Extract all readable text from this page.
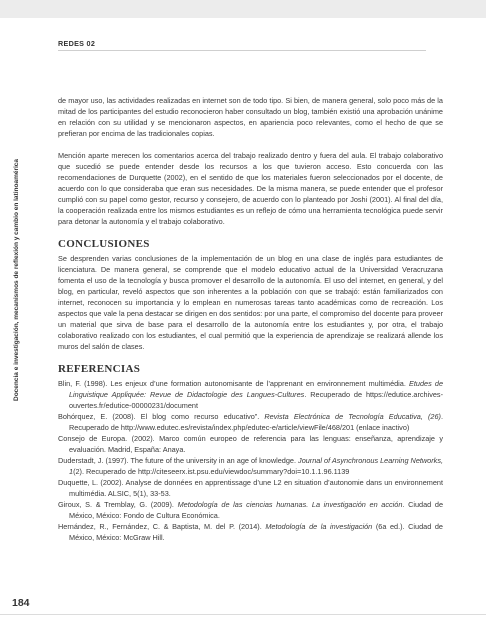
REDES 02
Docencia e investigación, mecanismos de reflexión y cambio en latinoamérica

de mayor uso, las actividades realizadas en internet son de todo tipo. Si bien, de manera general, solo poco más de la mitad de los participantes del estudio reconocieron haber consultado un blog, también existió una aprobación unánime en relación con su utilidad y se mencionaron aspectos, en apariencia poco relevantes, como el hecho de que se prefieran por encima de las tradicionales copias.

Mención aparte merecen los comentarios acerca del trabajo realizado dentro y fuera del aula. El trabajo colaborativo que sucedió se puede entender desde los recursos a los que tuvieron acceso. Esto concuerda con las recomendaciones de Durquette (2002), en el sentido de que los materiales fueron seleccionados por el docente, de acuerdo con lo que consideraba que eran sus necesidades. De la misma manera, se puede entender que el profesor cumplió con su papel como gestor, recurso y consejero, de acuerdo con lo planteado por Joshi (2001). Al final del día, la cooperación realizada entre los mismos estudiantes es un reflejo de cómo una herramienta tecnológica puede servir para detonar la autonomía y el trabajo colaborativo.

CONCLUSIONES

Se desprenden varias conclusiones de la implementación de un blog en una clase de inglés para estudiantes de licenciatura. De manera general, se comprende que el modelo educativo actual de la Universidad Veracruzana fomenta el uso de la tecnología y busca promover el desarrollo de la autonomía. El uso del internet, en general, y del blog, en particular, reveló aspectos que son inherentes a la población con que se trabajó: están familiarizados con internet, reconocen su importancia y lo emplean en numerosas tareas tanto académicas como de recreación. Los aspectos que vale la pena destacar se dirigen en dos sentidos: por una parte, el compromiso del docente para proveer un material que sirva de base para el desarrollo de la autonomía entre los estudiantes y, por otra, el trabajo colaborativo realizado con los estudiantes, el cual permitió que la experiencia de aprendizaje se realizará allende los muros del salón de clases.

REFERENCIAS
Blin, F. (1998). Les enjeux d’une formation autonomisante de l’apprenant en environnement multimédia. Etudes de Linguistique Appliquée: Revue de Didactologie des Langues-Cultures. Recuperado de https://edutice.archives-ouvertes.fr/edutice-00000231/document
Bohórquez, E. (2008). El blog como recurso educativo”. Revista Electrónica de Tecnología Educativa, (26). Recuperado de http://www.edutec.es/revista/index.php/edutec-e/article/viewFile/468/201 (enlace inactivo)
Consejo de Europa. (2002). Marco común europeo de referencia para las lenguas: enseñanza, aprendizaje y evaluación. Madrid, España: Anaya.
Duderstadt, J. (1997). The future of the university in an age of knowledge. Journal of Asynchronous Learning Networks, 1(2). Recuperado de http://citeseerx.ist.psu.edu/viewdoc/summary?doi=10.1.1.96.1139
Duquette, L. (2002). Analyse de données en apprentissage d’une L2 en situation d’autonomie dans un environnement multimédia. ALSIC, 5(1), 33-53.
Giroux, S. & Tremblay, G. (2009). Metodología de las ciencias humanas. La investigación en acción. Ciudad de México, México: Fondo de Cultura Económica.
Hernández, R., Fernández, C. & Baptista, M. del P. (2014). Metodología de la investigación (6a ed.). Ciudad de México, México: McGraw Hill.
184
